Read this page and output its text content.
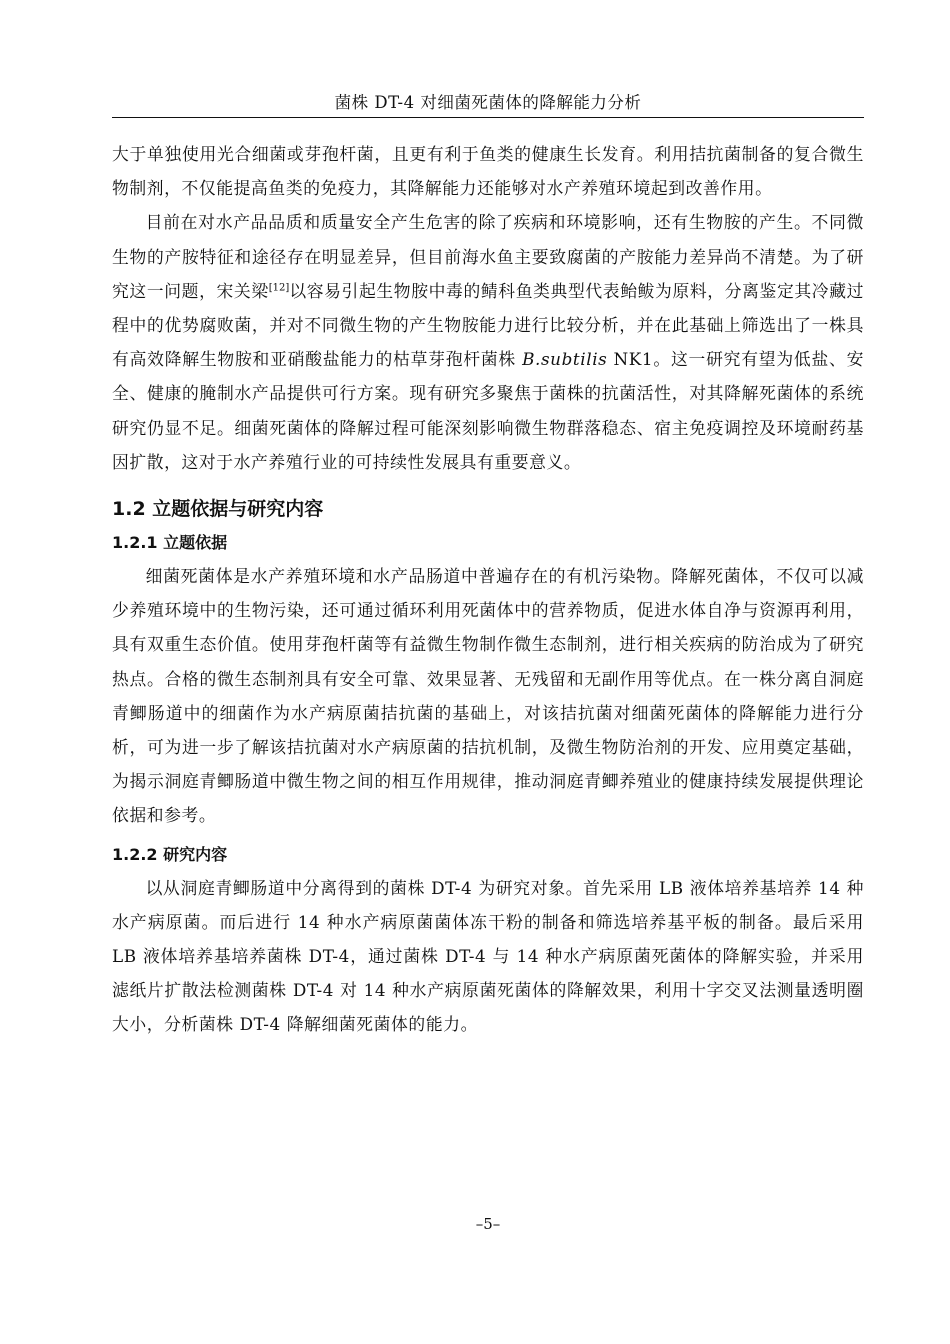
菌株 DT-4 对细菌死菌体的降解能力分析

大于单独使用光合细菌或芽孢杆菌，且更有利于鱼类的健康生长发育。利用拮抗菌制备的复合微生物制剂，不仅能提高鱼类的免疫力，其降解能力还能够对水产养殖环境起到改善作用。

目前在对水产品品质和质量安全产生危害的除了疾病和环境影响，还有生物胺的产生。不同微生物的产胺特征和途径存在明显差异，但目前海水鱼主要致腐菌的产胺能力差异尚不清楚。为了研究这一问题，宋关梁[12]以容易引起生物胺中毒的鲭科鱼类典型代表鲐鲅为原料，分离鉴定其冷藏过程中的优势腐败菌，并对不同微生物的产生物胺能力进行比较分析，并在此基础上筛选出了一株具有高效降解生物胺和亚硝酸盐能力的枯草芽孢杆菌株 B.subtilis NK1。这一研究有望为低盐、安全、健康的腌制水产品提供可行方案。现有研究多聚焦于菌株的抗菌活性，对其降解死菌体的系统研究仍显不足。细菌死菌体的降解过程可能深刻影响微生物群落稳态、宿主免疫调控及环境耐药基因扩散，这对于水产养殖行业的可持续性发展具有重要意义。

1.2 立题依据与研究内容
1.2.1 立题依据

细菌死菌体是水产养殖环境和水产品肠道中普遍存在的有机污染物。降解死菌体，不仅可以减少养殖环境中的生物污染，还可通过循环利用死菌体中的营养物质，促进水体自净与资源再利用，具有双重生态价值。使用芽孢杆菌等有益微生物制作微生态制剂，进行相关疾病的防治成为了研究热点。合格的微生态制剂具有安全可靠、效果显著、无残留和无副作用等优点。在一株分离自洞庭青鲫肠道中的细菌作为水产病原菌拮抗菌的基础上，对该拮抗菌对细菌死菌体的降解能力进行分析，可为进一步了解该拮抗菌对水产病原菌的拮抗机制，及微生物防治剂的开发、应用奠定基础，为揭示洞庭青鲫肠道中微生物之间的相互作用规律，推动洞庭青鲫养殖业的健康持续发展提供理论依据和参考。

1.2.2 研究内容

以从洞庭青鲫肠道中分离得到的菌株 DT-4 为研究对象。首先采用 LB 液体培养基培养 14 种水产病原菌。而后进行 14 种水产病原菌菌体冻干粉的制备和筛选培养基平板的制备。最后采用 LB 液体培养基培养菌株 DT-4，通过菌株 DT-4 与 14 种水产病原菌死菌体的降解实验，并采用滤纸片扩散法检测菌株 DT-4 对 14 种水产病原菌死菌体的降解效果，利用十字交叉法测量透明圈大小，分析菌株 DT-4 降解细菌死菌体的能力。

–5–
